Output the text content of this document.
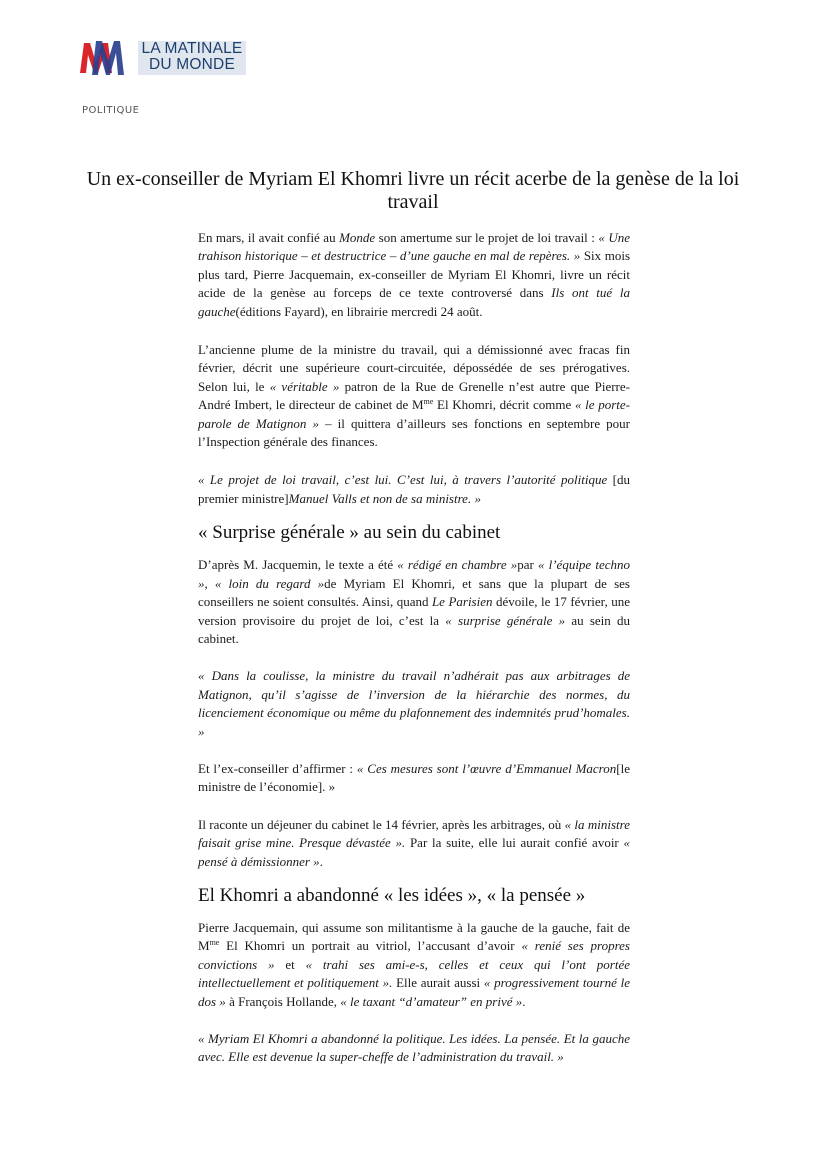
LA MATINALE
DU MONDE
POLITIQUE
Un ex-conseiller de Myriam El Khomri livre un récit acerbe de la genèse de la loi travail

En mars, il avait confié au Monde son amertume sur le projet de loi travail : « Une trahison historique – et destructrice – d’une gauche en mal de repères. » Six mois plus tard, Pierre Jacquemain, ex-conseiller de Myriam El Khomri, livre un récit acide de la genèse au forceps de ce texte controversé dans Ils ont tué la gauche(éditions Fayard), en librairie mercredi 24 août.

L’ancienne plume de la ministre du travail, qui a démissionné avec fracas fin février, décrit une supérieure court-circuitée, dépossédée de ses prérogatives. Selon lui, le « véritable » patron de la Rue de Grenelle n’est autre que Pierre-André Imbert, le directeur de cabinet de $M^{me}$ El Khomri, décrit comme « le porte-parole de Matignon » – il quittera d’ailleurs ses fonctions en septembre pour l’Inspection générale des finances.

« Le projet de loi travail, c’est lui. C’est lui, à travers l’autorité politique [du premier ministre]Manuel Valls et non de sa ministre. »

« Surprise générale » au sein du cabinet

D’après M. Jacquemin, le texte a été « rédigé en chambre »par « l’équipe techno », « loin du regard »de Myriam El Khomri, et sans que la plupart de ses conseillers ne soient consultés. Ainsi, quand Le Parisien dévoile, le 17 février, une version provisoire du projet de loi, c’est la « surprise générale » au sein du cabinet.

« Dans la coulisse, la ministre du travail n’adhérait pas aux arbitrages de Matignon, qu’il s’agisse de l’inversion de la hiérarchie des normes, du licenciement économique ou même du plafonnement des indemnités prud’homales. »

Et l’ex-conseiller d’affirmer : « Ces mesures sont l’œuvre d’Emmanuel Macron[le ministre de l’économie]. »

Il raconte un déjeuner du cabinet le 14 février, après les arbitrages, où « la ministre faisait grise mine. Presque dévastée ». Par la suite, elle lui aurait confié avoir « pensé à démissionner ».

El Khomri a abandonné « les idées », « la pensée »

Pierre Jacquemain, qui assume son militantisme à la gauche de la gauche, fait de $M^{me}$ El Khomri un portrait au vitriol, l’accusant d’avoir « renié ses propres convictions » et « trahi ses ami-e-s, celles et ceux qui l’ont portée intellectuellement et politiquement ». Elle aurait aussi « progressivement tourné le dos » à François Hollande, « le taxant “d’amateur” en privé ».

« Myriam El Khomri a abandonné la politique. Les idées. La pensée. Et la gauche avec. Elle est devenue la super-cheffe de l’administration du travail. »
